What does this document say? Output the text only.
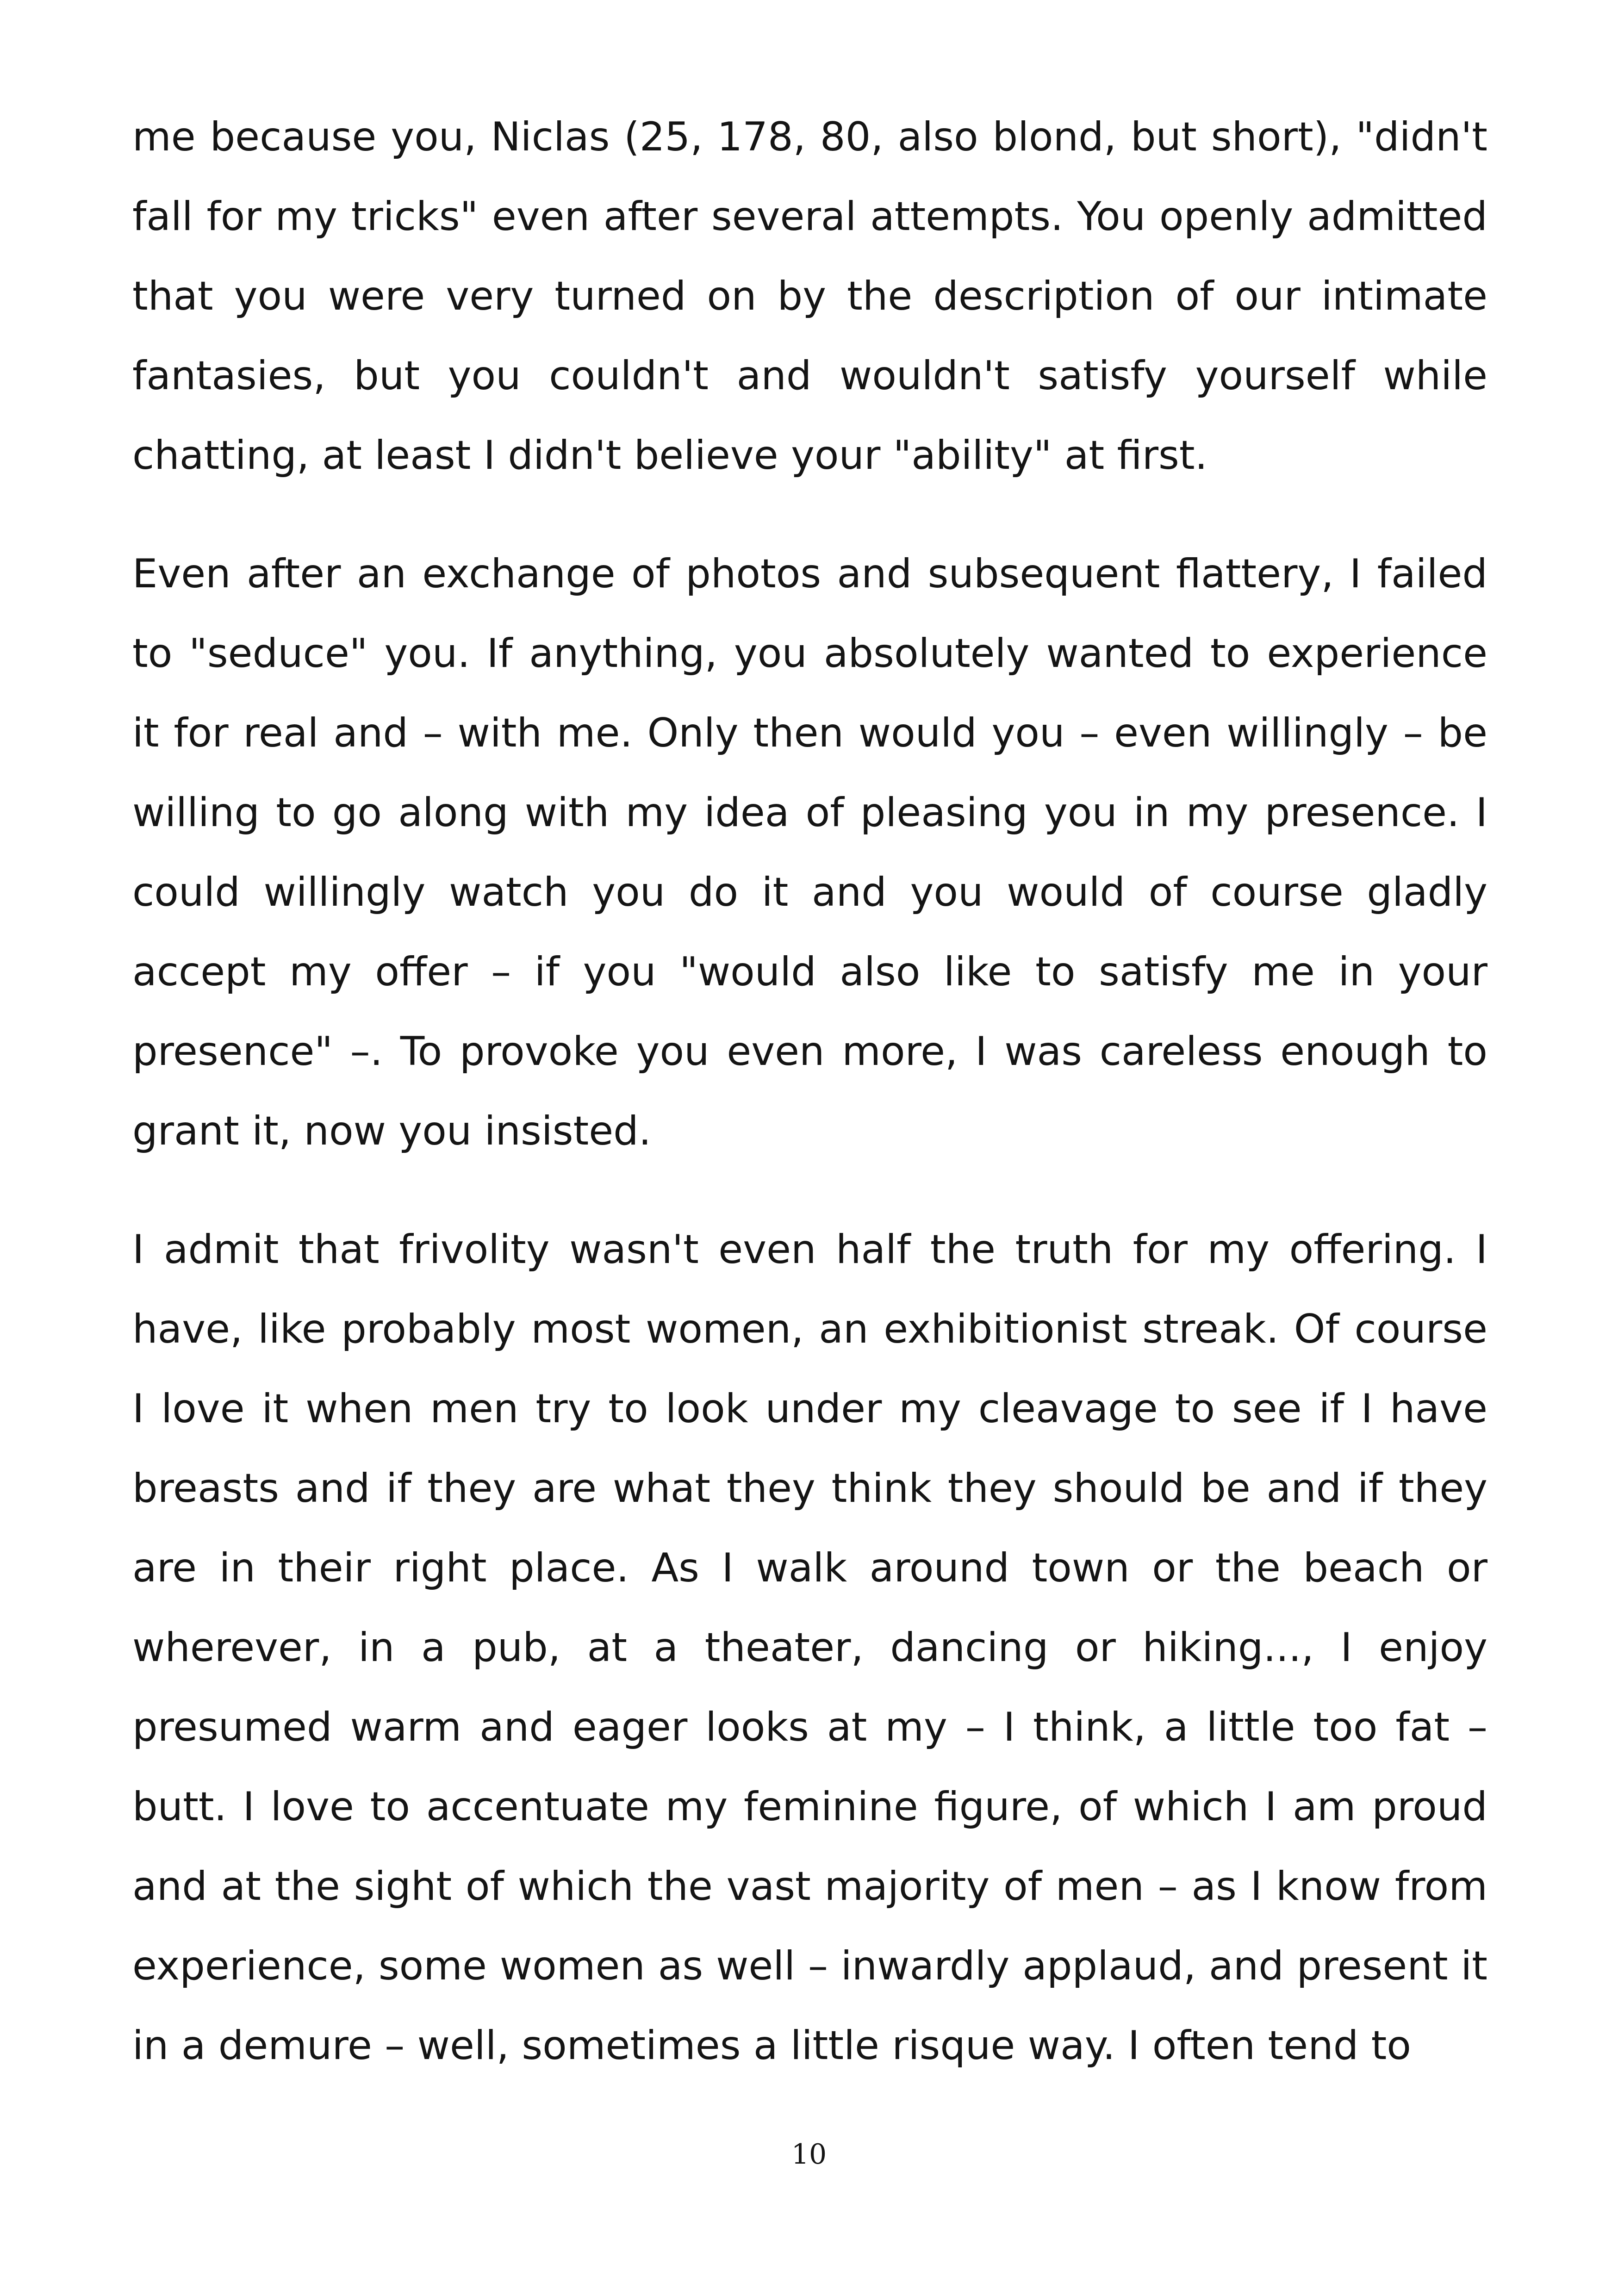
me because you, Niclas (25, 178, 80, also blond, but short), "didn't fall for my tricks" even after several attempts. You openly admitted that you were very turned on by the description of our intimate fantasies, but you couldn't and wouldn't satisfy yourself while chatting, at least I didn't believe your "ability" at first.

Even after an exchange of photos and subsequent flattery, I failed to "seduce" you. If anything, you absolutely wanted to experience it for real and – with me. Only then would you – even willingly – be willing to go along with my idea of pleasing you in my presence. I could willingly watch you do it and you would of course gladly accept my offer – if you "would also like to satisfy me in your presence" –. To provoke you even more, I was careless enough to grant it, now you insisted.

I admit that frivolity wasn't even half the truth for my offering. I have, like probably most women, an exhibitionist streak. Of course I love it when men try to look under my cleavage to see if I have breasts and if they are what they think they should be and if they are in their right place. As I walk around town or the beach or wherever, in a pub, at a theater, dancing or hiking..., I enjoy presumed warm and eager looks at my – I think, a little too fat – butt. I love to accentuate my feminine figure, of which I am proud and at the sight of which the vast majority of men – as I know from experience, some women as well – inwardly applaud, and present it in a demure – well, sometimes a little risque way. I often tend to

10
